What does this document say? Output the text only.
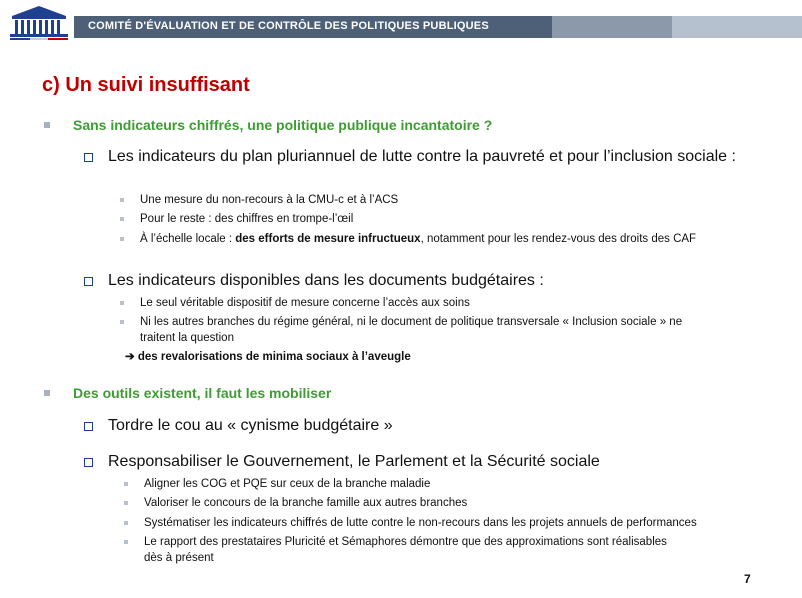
COMITÉ D'ÉVALUATION ET DE CONTRÔLE DES POLITIQUES PUBLIQUES
c) Un suivi insuffisant
Sans indicateurs chiffrés, une politique publique incantatoire ?
Les indicateurs du plan pluriannuel de lutte contre la pauvreté et pour l’inclusion sociale :
Une mesure du non-recours à la CMU-c et à l’ACS
Pour le reste : des chiffres en trompe-l’œil
À l’échelle locale : des efforts de mesure infructueux, notamment pour les rendez-vous des droits des CAF
Les indicateurs disponibles dans les documents budgétaires :
Le seul véritable dispositif de mesure concerne l’accès aux soins
Ni les autres branches du régime général, ni le document de politique transversale « Inclusion sociale » ne
traitent la question
➔ des revalorisations de minima sociaux à l’aveugle
Des outils existent, il faut les mobiliser
Tordre le cou au « cynisme budgétaire »
Responsabiliser le Gouvernement, le Parlement et la Sécurité sociale
Aligner les COG et PQE sur ceux de la branche maladie
Valoriser le concours de la branche famille aux autres branches
Systématiser les indicateurs chiffrés de lutte contre le non-recours dans les projets annuels de performances
Le rapport des prestataires Pluricité et Sémaphores démontre que des approximations sont réalisables
dès à présent
7
